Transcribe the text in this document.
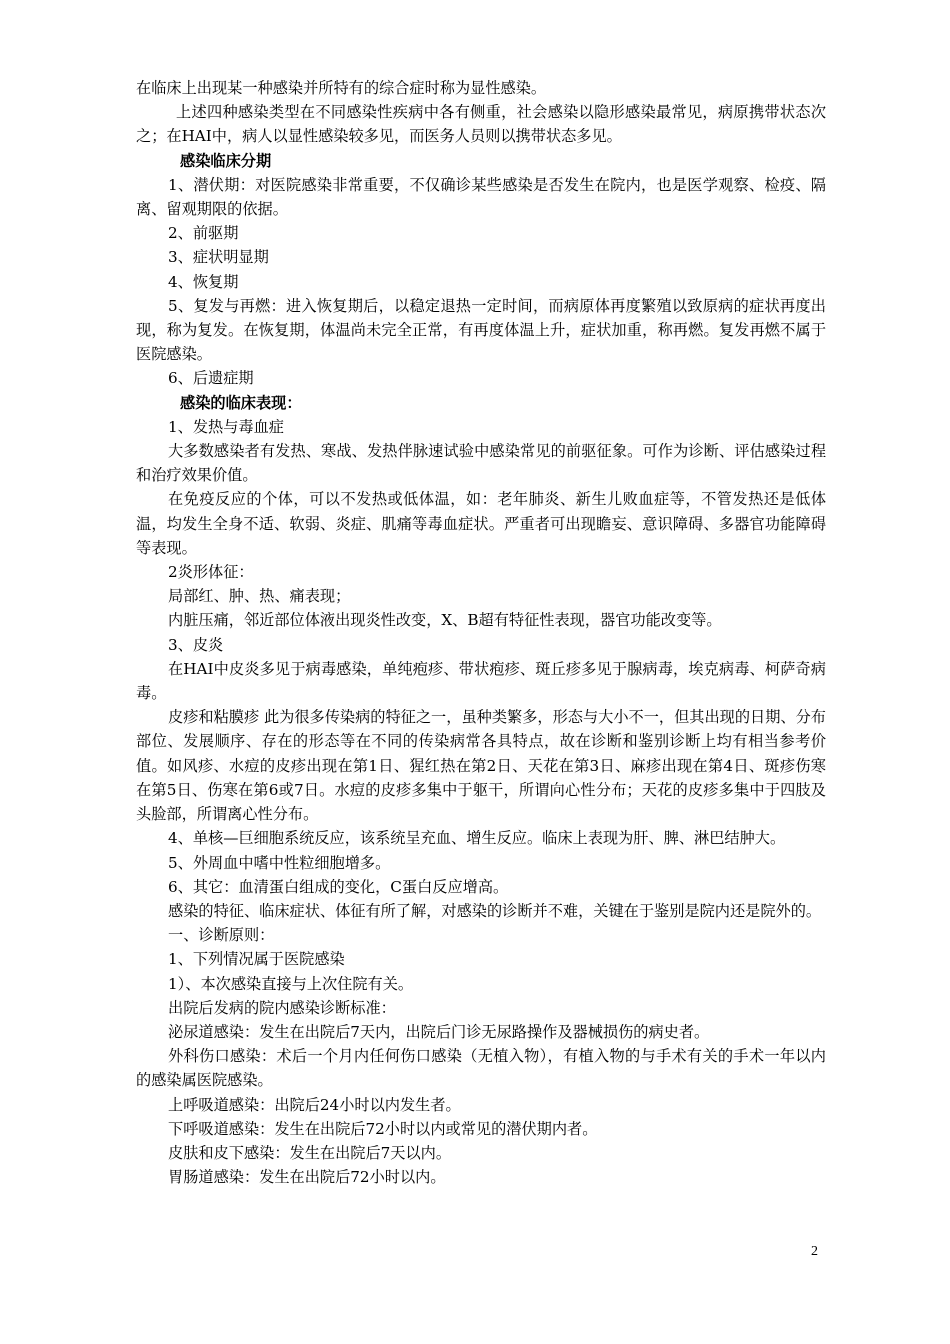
在临床上出现某一种感染并所特有的综合症时称为显性感染。

上述四种感染类型在不同感染性疾病中各有侧重，社会感染以隐形感染最常见，病原携带状态次之；在HAI中，病人以显性感染较多见，而医务人员则以携带状态多见。

感染临床分期

1、潜伏期：对医院感染非常重要，不仅确诊某些感染是否发生在院内，也是医学观察、检疫、隔离、留观期限的依据。

2、前驱期

3、症状明显期

4、恢复期

5、复发与再燃：进入恢复期后，以稳定退热一定时间，而病原体再度繁殖以致原病的症状再度出现，称为复发。在恢复期，体温尚未完全正常，有再度体温上升，症状加重，称再燃。复发再燃不属于医院感染。

6、后遗症期

感染的临床表现：

1、发热与毒血症

大多数感染者有发热、寒战、发热伴脉速试验中感染常见的前驱征象。可作为诊断、评估感染过程和治疗效果价值。

在免疫反应的个体，可以不发热或低体温，如：老年肺炎、新生儿败血症等，不管发热还是低体温，均发生全身不适、软弱、炎症、肌痛等毒血症状。严重者可出现瞻妄、意识障碍、多器官功能障碍等表现。

2炎形体征：

局部红、肿、热、痛表现；

内脏压痛，邻近部位体液出现炎性改变，X、B超有特征性表现，器官功能改变等。

3、皮炎

在HAI中皮炎多见于病毒感染，单纯疱疹、带状疱疹、斑丘疹多见于腺病毒，埃克病毒、柯萨奇病毒。

皮疹和粘膜疹 此为很多传染病的特征之一，虽种类繁多，形态与大小不一，但其出现的日期、分布部位、发展顺序、存在的形态等在不同的传染病常各具特点，故在诊断和鉴别诊断上均有相当参考价值。如风疹、水痘的皮疹出现在第1日、猩红热在第2日、天花在第3日、麻疹出现在第4日、斑疹伤寒在第5日、伤寒在第6或7日。水痘的皮疹多集中于躯干，所谓向心性分布；天花的皮疹多集中于四肢及头脸部，所谓离心性分布。

4、单核—巨细胞系统反应，该系统呈充血、增生反应。临床上表现为肝、脾、淋巴结肿大。

5、外周血中嗜中性粒细胞增多。

6、其它：血清蛋白组成的变化，C蛋白反应增高。

感染的特征、临床症状、体征有所了解，对感染的诊断并不难，关键在于鉴别是院内还是院外的。

一、诊断原则：

1、下列情况属于医院感染

1）、本次感染直接与上次住院有关。

出院后发病的院内感染诊断标准：

泌尿道感染：发生在出院后7天内，出院后门诊无尿路操作及器械损伤的病史者。

外科伤口感染：术后一个月内任何伤口感染（无植入物），有植入物的与手术有关的手术一年以内的感染属医院感染。

上呼吸道感染：出院后24小时以内发生者。

下呼吸道感染：发生在出院后72小时以内或常见的潜伏期内者。

皮肤和皮下感染：发生在出院后7天以内。

胃肠道感染：发生在出院后72小时以内。

2
